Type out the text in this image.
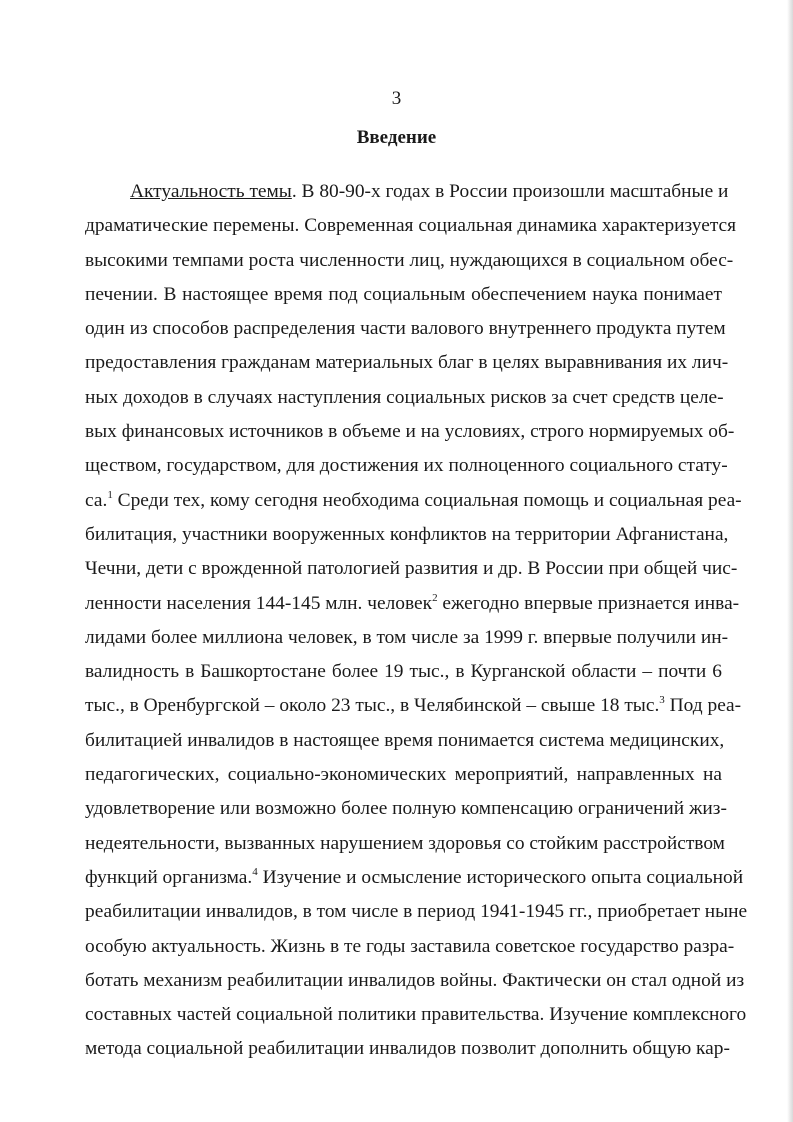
3
Введение
Актуальность темы. В 80-90-х годах в России произошли масштабные и
драматические перемены. Современная социальная динамика характеризуется
высокими темпами роста численности лиц, нуждающихся в социальном обес-
печении. В настоящее время под социальным обеспечением наука понимает
один из способов распределения части валового внутреннего продукта путем
предоставления гражданам материальных благ в целях выравнивания их лич-
ных доходов в случаях наступления социальных рисков за счет средств целе-
вых финансовых источников в объеме и на условиях, строго нормируемых об-
ществом, государством, для достижения их полноценного социального стату-
са.$^1$ Среди тех, кому сегодня необходима социальная помощь и социальная реа-
билитация, участники вооруженных конфликтов на территории Афганистана,
Чечни, дети с врожденной патологией развития и др. В России при общей чис-
ленности населения 144-145 млн. человек$^2$ ежегодно впервые признается инва-
лидами более миллиона человек, в том числе за 1999 г. впервые получили ин-
валидность в Башкортостане более 19 тыс., в Курганской области – почти 6
тыс., в Оренбургской – около 23 тыс., в Челябинской – свыше 18 тыс.$^3$ Под реа-
билитацией инвалидов в настоящее время понимается система медицинских,
педагогических, социально-экономических мероприятий, направленных на
удовлетворение или возможно более полную компенсацию ограничений жиз-
недеятельности, вызванных нарушением здоровья со стойким расстройством
функций организма.$^4$ Изучение и осмысление исторического опыта социальной
реабилитации инвалидов, в том числе в период 1941-1945 гг., приобретает ныне
особую актуальность. Жизнь в те годы заставила советское государство разра-
ботать механизм реабилитации инвалидов войны. Фактически он стал одной из
составных частей социальной политики правительства. Изучение комплексного
метода социальной реабилитации инвалидов позволит дополнить общую кар-
